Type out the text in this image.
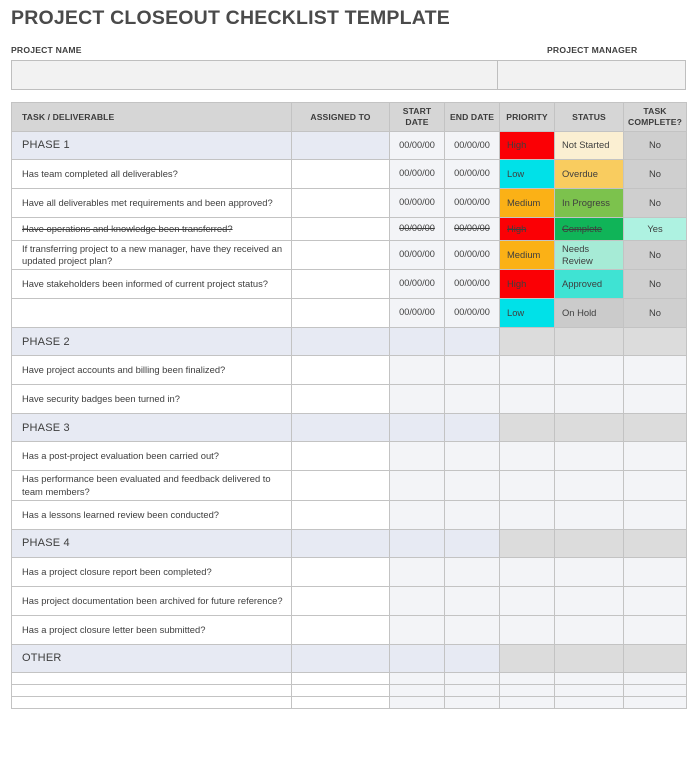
PROJECT CLOSEOUT CHECKLIST TEMPLATE
PROJECT NAME	PROJECT MANAGER
TASK / DELIVERABLE	ASSIGNED TO	START DATE	END DATE	PRIORITY	STATUS	TASK COMPLETE?
PHASE 1		00/00/00	00/00/00	High	Not Started	No
Has team completed all deliverables?		00/00/00	00/00/00	Low	Overdue	No
Have all deliverables met requirements and been approved?		00/00/00	00/00/00	Medium	In Progress	No
Have operations and knowledge been transferred?		00/00/00	00/00/00	High	Complete	Yes
If transferring project to a new manager, have they received an updated project plan?		00/00/00	00/00/00	Medium	Needs Review	No
Have stakeholders been informed of current project status?		00/00/00	00/00/00	High	Approved	No
		00/00/00	00/00/00	Low	On Hold	No
PHASE 2						
Have project accounts and billing been finalized?						
Have security badges been turned in?						
PHASE 3						
Has a post-project evaluation been carried out?						
Has performance been evaluated and feedback delivered to team members?						
Has a lessons learned review been conducted?						
PHASE 4						
Has a project closure report been completed?						
Has project documentation been archived for future reference?						
Has a project closure letter been submitted?						
OTHER						
